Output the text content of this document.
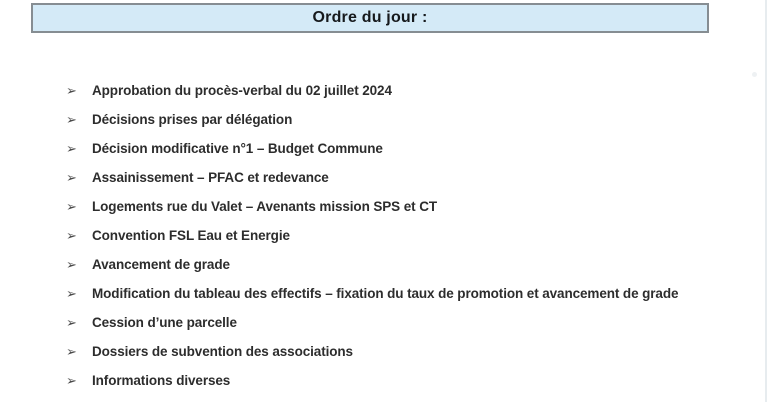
Ordre du jour :
➢ Approbation du procès-verbal du 02 juillet 2024
➢ Décisions prises par délégation
➢ Décision modificative n°1 – Budget Commune
➢ Assainissement – PFAC et redevance
➢ Logements rue du Valet – Avenants mission SPS et CT
➢ Convention FSL Eau et Energie
➢ Avancement de grade
➢ Modification du tableau des effectifs – fixation du taux de promotion et avancement de grade
➢ Cession d’une parcelle
➢ Dossiers de subvention des associations
➢ Informations diverses
